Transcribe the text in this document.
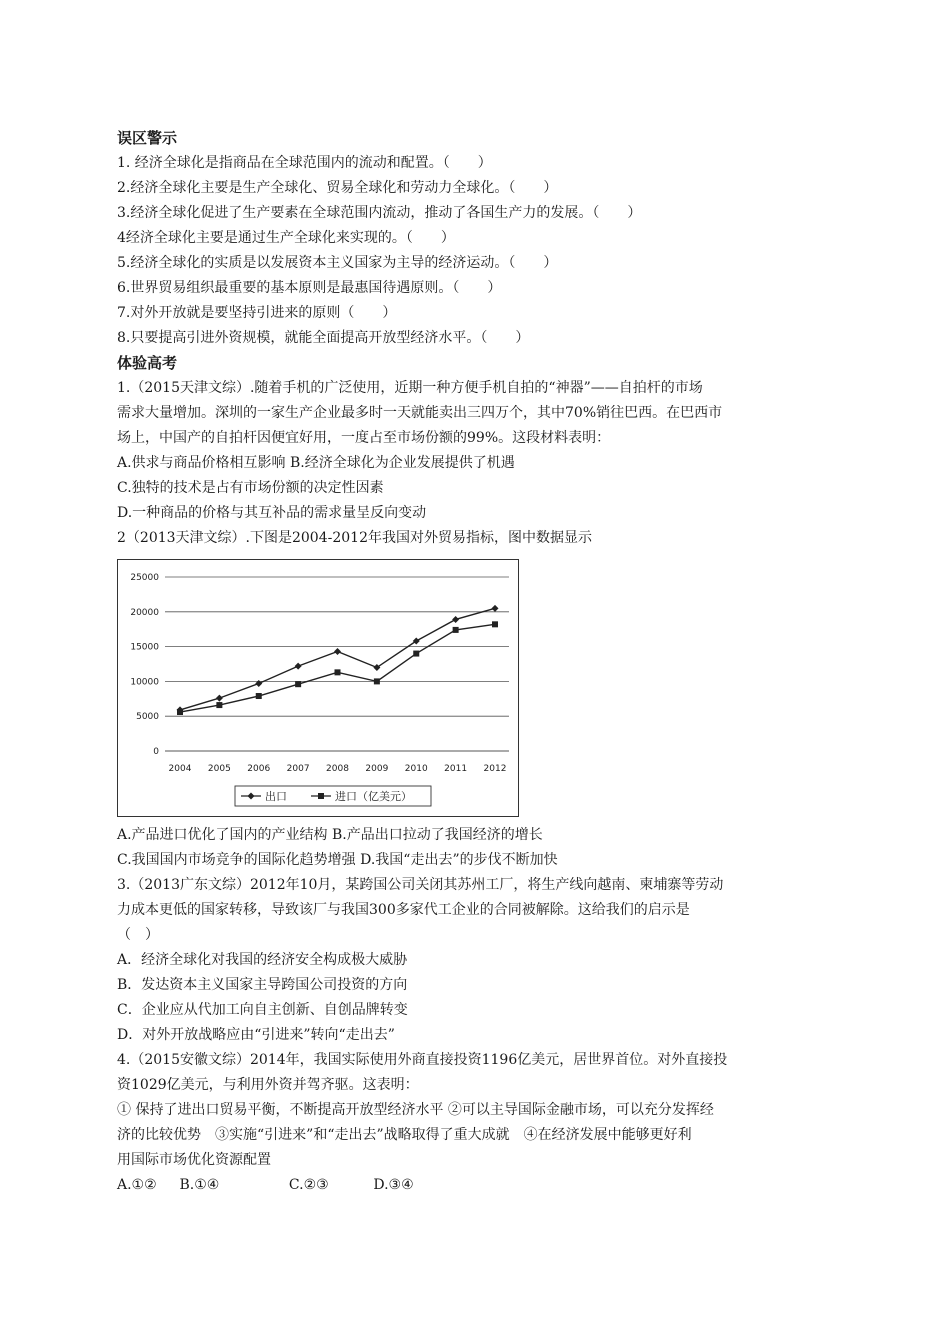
误区警示
1. 经济全球化是指商品在全球范围内的流动和配置。（　　）
2.经济全球化主要是生产全球化、贸易全球化和劳动力全球化。（　　）
3.经济全球化促进了生产要素在全球范围内流动，推动了各国生产力的发展。（　　）
4经济全球化主要是通过生产全球化来实现的。（　　）
5.经济全球化的实质是以发展资本主义国家为主导的经济运动。（　　）
6.世界贸易组织最重要的基本原则是最惠国待遇原则。（　　）
7.对外开放就是要坚持引进来的原则（　　）
8.只要提高引进外资规模，就能全面提高开放型经济水平。（　　）
体验高考
1.（2015天津文综）.随着手机的广泛使用，近期一种方便手机自拍的“神器”——自拍杆的市场
需求大量增加。深圳的一家生产企业最多时一天就能卖出三四万个，其中70%销往巴西。在巴西市
场上，中国产的自拍杆因便宜好用，一度占至市场份额的99%。这段材料表明：
A.供求与商品价格相互影响 B.经济全球化为企业发展提供了机遇
C.独特的技术是占有市场份额的决定性因素
D.一种商品的价格与其互补品的需求量呈反向变动
2（2013天津文综）.下图是2004-2012年我国对外贸易指标，图中数据显示
25000
20000
15000
10000
5000
0
2004 2005 2006 2007 2008 2009 2010 2011 2012
出口	进口（亿美元）
A.产品进口优化了国内的产业结构 B.产品出口拉动了我国经济的增长
C.我国国内市场竞争的国际化趋势增强 D.我国“走出去”的步伐不断加快
3.（2013广东文综）2012年10月，某跨国公司关闭其苏州工厂，将生产线向越南、柬埔寨等劳动
力成本更低的国家转移，导致该厂与我国300多家代工企业的合同被解除。这给我们的启示是
（　）
A．经济全球化对我国的经济安全构成极大威胁
B．发达资本主义国家主导跨国公司投资的方向
C．企业应从代加工向自主创新、自创品牌转变
D．对外开放战略应由“引进来”转向“走出去”
4.（2015安徽文综）2014年，我国实际使用外商直接投资1196亿美元，居世界首位。对外直接投
资1029亿美元，与利用外资并驾齐驱。这表明：
① 保持了进出口贸易平衡，不断提高开放型经济水平 ②可以主导国际金融市场，可以充分发挥经
济的比较优势　③实施“引进来”和“走出去”战略取得了重大成就　④在经济发展中能够更好利
用国际市场优化资源配置
A.①② B.①④	C.②③	D.③④
